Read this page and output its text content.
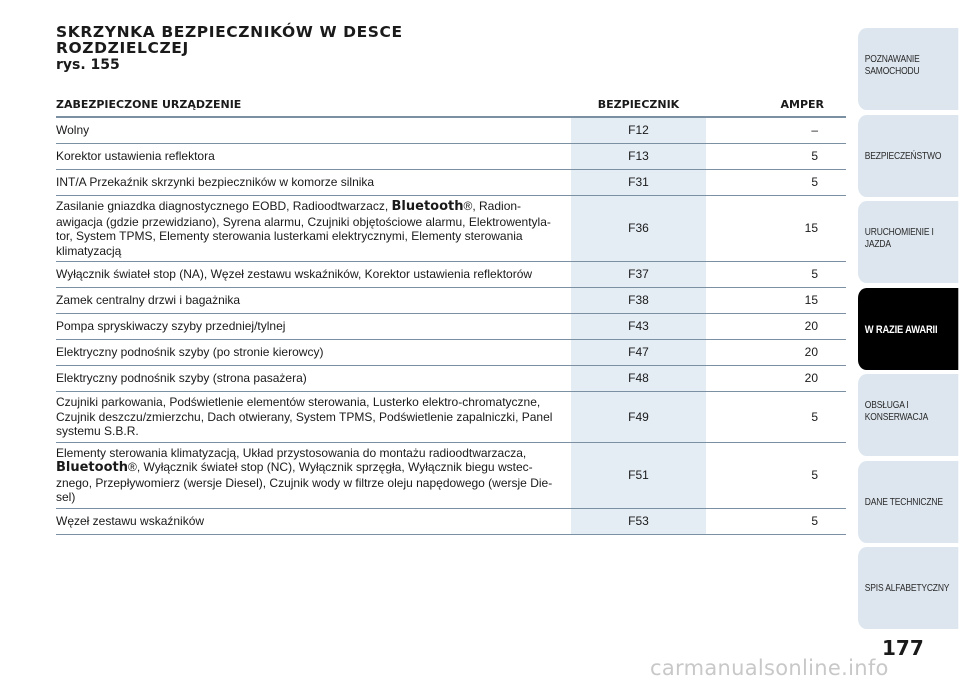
SKRZYNKA BEZPIECZNIKÓW W DESCE

ROZDZIELCZEJ

rys. 155

ZABEZPIECZONE URZĄDZENIE		BEZPIECZNIK		AMPER
Wolny		F12		–
Korektor ustawienia reflektora		F13		5
INT/A Przekaźnik skrzynki bezpieczników w komorze silnika		F31		5
Zasilanie gniazdka diagnostycznego EOBD, Radioodtwarzacz, Bluetooth®, Radion-awigacja (gdzie przewidziano), Syrena alarmu, Czujniki objętościowe alarmu, Elektrowentyla-tor, System TPMS, Elementy sterowania lusterkami elektrycznymi, Elementy sterowania klimatyzacją		F36		15
Wyłącznik świateł stop (NA), Węzeł zestawu wskaźników, Korektor ustawienia reflektorów		F37		5
Zamek centralny drzwi i bagażnika		F38		15
Pompa spryskiwaczy szyby przedniej/tylnej		F43		20
Elektryczny podnośnik szyby (po stronie kierowcy)		F47		20
Elektryczny podnośnik szyby (strona pasażera)		F48		20
Czujniki parkowania, Podświetlenie elementów sterowania, Lusterko elektro-chromatyczne, Czujnik deszczu/zmierzchu, Dach otwierany, System TPMS, Podświetlenie zapalniczki, Panel systemu S.B.R.		F49		5
Elementy sterowania klimatyzacją, Układ przystosowania do montażu radioodtwarzacza, Bluetooth®, Wyłącznik świateł stop (NC), Wyłącznik sprzęgła, Wyłącznik biegu wstec-znego, Przepływomierz (wersje Diesel), Czujnik wody w filtrze oleju napędowego (wersje Die-sel)		F51		5
Węzeł zestawu wskaźników		F53		5
POZNAWANIE
SAMOCHODU
BEZPIECZEŃSTWO
URUCHOMIENIE I
JAZDA
W RAZIE AWARII
OBSŁUGA I
KONSERWACJA
DANE TECHNICZNE
SPIS ALFABETYCZNY
177
carmanualsonline.info
